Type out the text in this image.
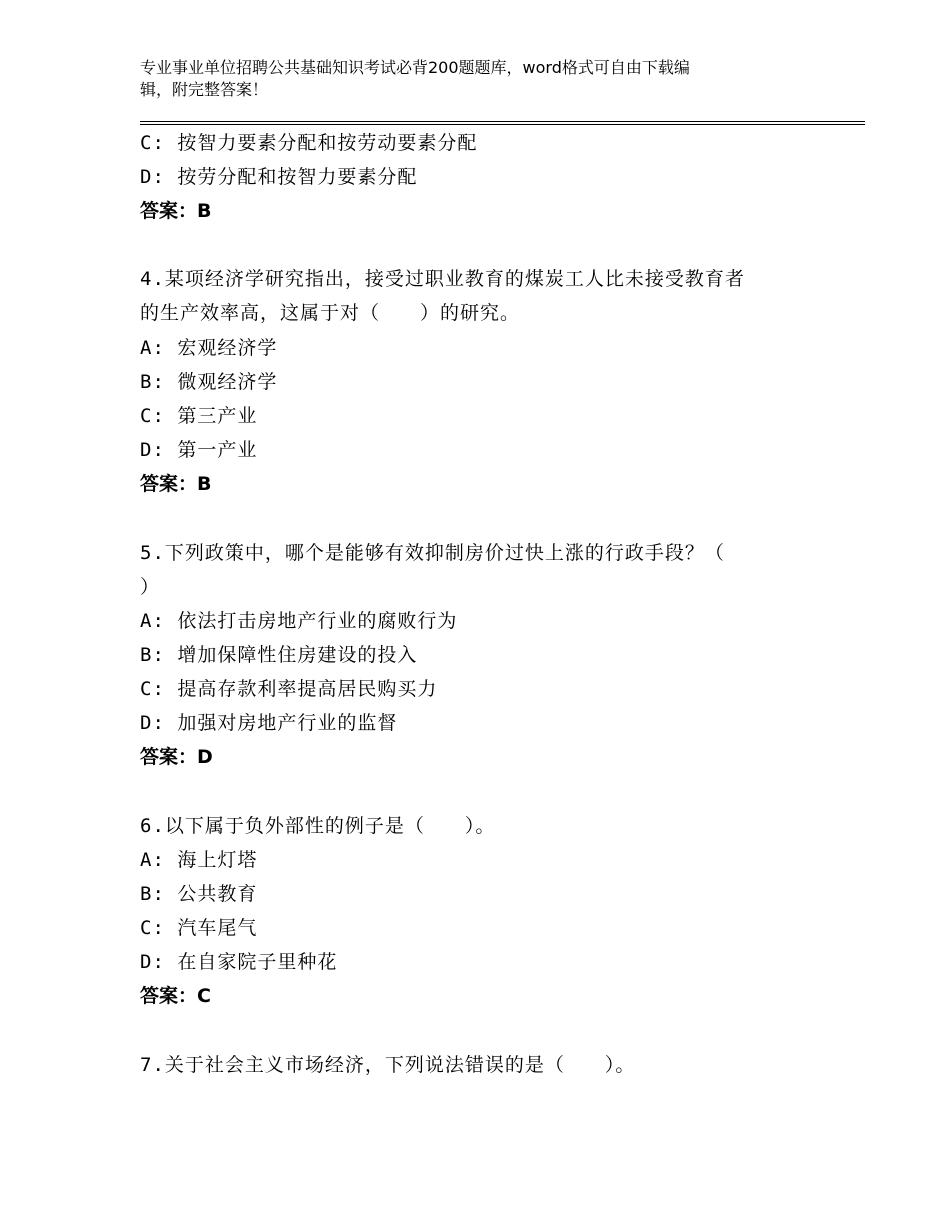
专业事业单位招聘公共基础知识考试必背200题题库，word格式可自由下载编
辑，附完整答案！
C: 按智力要素分配和按劳动要素分配
D: 按劳分配和按智力要素分配
答案：B
4.某项经济学研究指出，接受过职业教育的煤炭工人比未接受教育者
的生产效率高，这属于对（　　）的研究。
A: 宏观经济学
B: 微观经济学
C: 第三产业
D: 第一产业
答案：B
5.下列政策中，哪个是能够有效抑制房价过快上涨的行政手段？（
）
A: 依法打击房地产行业的腐败行为
B: 增加保障性住房建设的投入
C: 提高存款利率提高居民购买力
D: 加强对房地产行业的监督
答案：D
6.以下属于负外部性的例子是（　　）。
A: 海上灯塔
B: 公共教育
C: 汽车尾气
D: 在自家院子里种花
答案：C
7.关于社会主义市场经济，下列说法错误的是（　　）。
